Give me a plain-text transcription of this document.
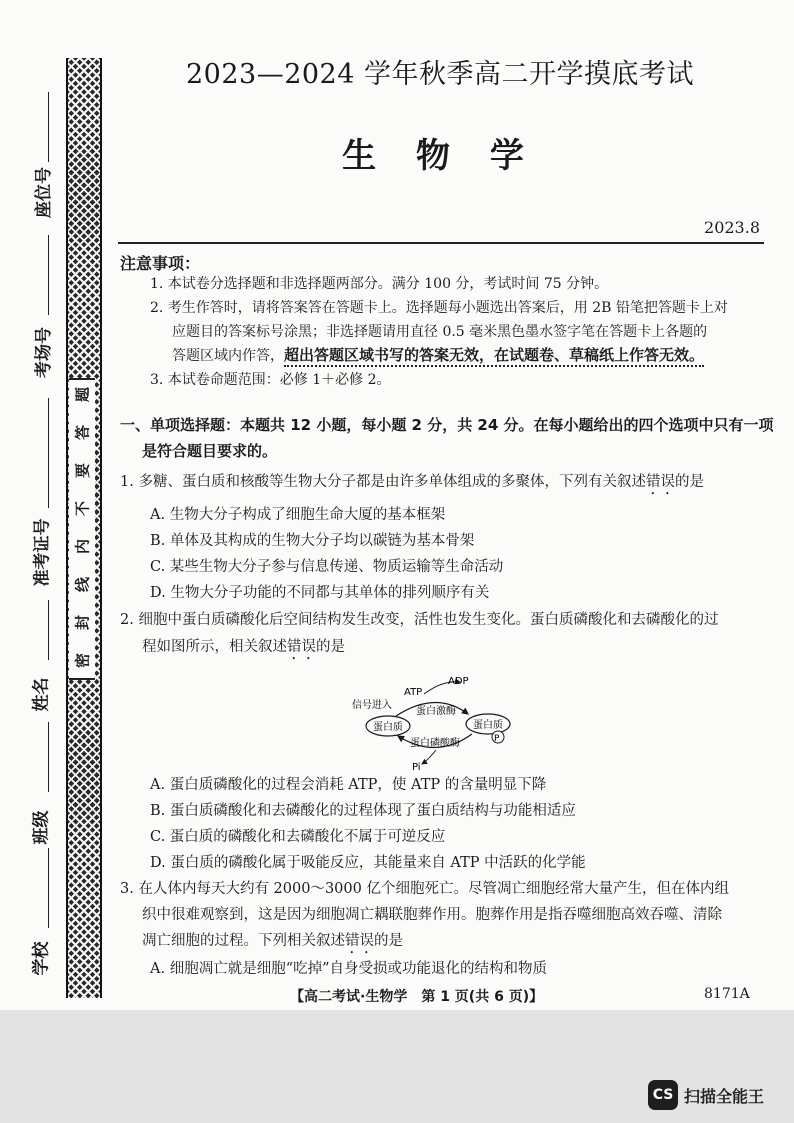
题
答
要
不
内
线
封
密
座位号
考场号
准考证号
姓名
班级
学校
2023—2024 学年秋季高二开学摸底考试
生 物 学
2023.8
注意事项：
1. 本试卷分选择题和非选择题两部分。满分 100 分，考试时间 75 分钟。
2. 考生作答时，请将答案答在答题卡上。选择题每小题选出答案后，用 2B 铅笔把答题卡上对
应题目的答案标号涂黑；非选择题请用直径 0.5 毫米黑色墨水签字笔在答题卡上各题的
答题区域内作答，超出答题区域书写的答案无效，在试题卷、草稿纸上作答无效。
3. 本试卷命题范围：必修 1＋必修 2。
一、单项选择题：本题共 12 小题，每小题 2 分，共 24 分。在每小题给出的四个选项中只有一项
是符合题目要求的。
1. 多糖、蛋白质和核酸等生物大分子都是由许多单体组成的多聚体，下列有关叙述错误的是
A. 生物大分子构成了细胞生命大厦的基本框架
B. 单体及其构成的生物大分子均以碳链为基本骨架
C. 某些生物大分子参与信息传递、物质运输等生命活动
D. 生物大分子功能的不同都与其单体的排列顺序有关
2. 细胞中蛋白质磷酸化后空间结构发生改变，活性也发生变化。蛋白质磷酸化和去磷酸化的过
程如图所示，相关叙述错误的是
信号进入
ATP
ADP
蛋白激酶
蛋白磷酸酶
蛋白质	蛋白质
P
Pi
A. 蛋白质磷酸化的过程会消耗 ATP，使 ATP 的含量明显下降
B. 蛋白质磷酸化和去磷酸化的过程体现了蛋白质结构与功能相适应
C. 蛋白质的磷酸化和去磷酸化不属于可逆反应
D. 蛋白质的磷酸化属于吸能反应，其能量来自 ATP 中活跃的化学能
3. 在人体内每天大约有 2000～3000 亿个细胞死亡。尽管凋亡细胞经常大量产生，但在体内组
织中很难观察到，这是因为细胞凋亡耦联胞葬作用。胞葬作用是指吞噬细胞高效吞噬、清除
凋亡细胞的过程。下列相关叙述错误的是
A. 细胞凋亡就是细胞“吃掉”自身受损或功能退化的结构和物质
【高二考试·生物学　第 1 页(共 6 页)】	8171A
CS 扫描全能王
